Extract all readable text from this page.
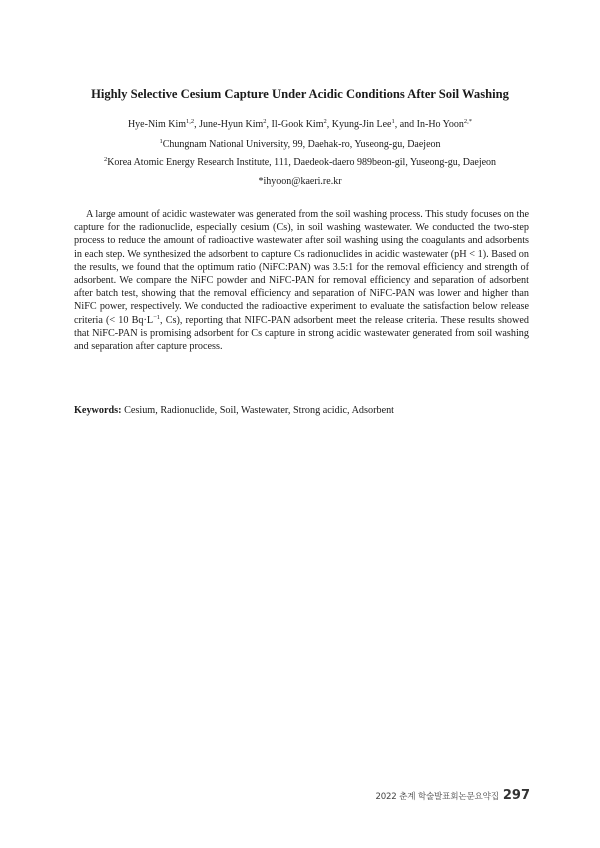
Highly Selective Cesium Capture Under Acidic Conditions After Soil Washing
Hye-Nim Kim$^{1,2}$, June-Hyun Kim$^2$, Il-Gook Kim$^2$, Kyung-Jin Lee$^1$, and In-Ho Yoon$^{2,*}$
$^1$Chungnam National University, 99, Daehak-ro, Yuseong-gu, Daejeon
$^2$Korea Atomic Energy Research Institute, 111, Daedeok-daero 989beon-gil, Yuseong-gu, Daejeon
*ihyoon@kaeri.re.kr

A large amount of acidic wastewater was generated from the soil washing process. This study focuses on the capture for the radionuclide, especially cesium (Cs), in soil washing wastewater. We conducted the two-step process to reduce the amount of radioactive wastewater after soil washing using the coagulants and adsorbents in each step. We synthesized the adsorbent to capture Cs radionuclides in acidic wastewater (pH < 1). Based on the results, we found that the optimum ratio (NiFC:PAN) was 3.5:1 for the removal efficiency and strength of adsorbent. We compare the NiFC powder and NiFC-PAN for removal efficiency and separation of adsorbent after batch test, showing that the removal efficiency and separation of NiFC-PAN was lower and higher than NiFC power, respectively. We conducted the radioactive experiment to evaluate the satisfaction below release criteria (< 10 $Bq\cdot L^{-1}$, Cs), reporting that NIFC-PAN adsorbent meet the release criteria. These results showed that NiFC-PAN is promising adsorbent for Cs capture in strong acidic wastewater generated from soil washing and separation after capture process.

Keywords: Cesium, Radionuclide, Soil, Wastewater, Strong acidic, Adsorbent

2022 춘계 학술발표회논문요약집 297
